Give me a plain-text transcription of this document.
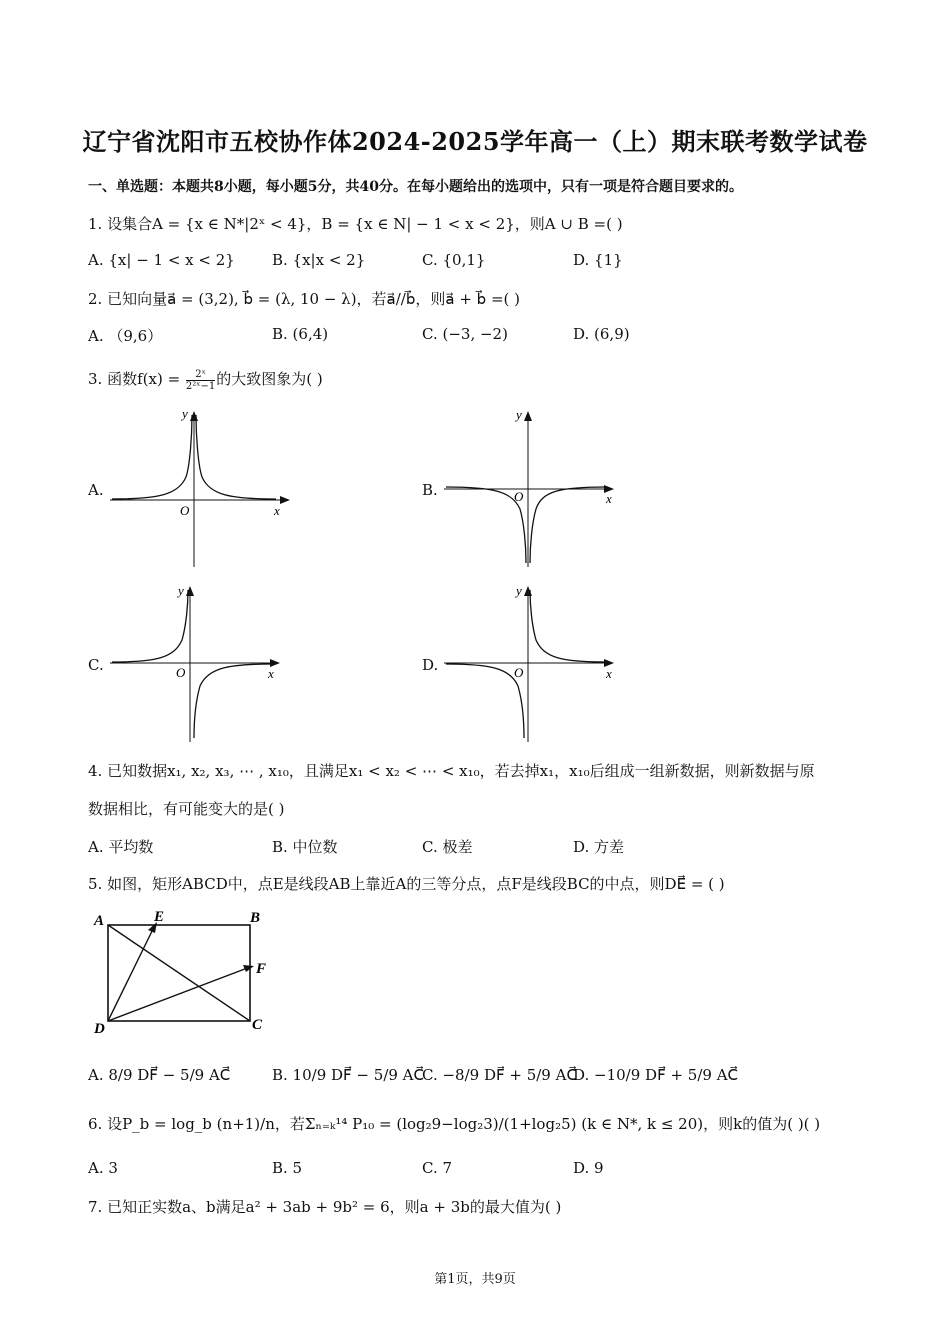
辽宁省沈阳市五校协作体2024-2025学年高一（上）期末联考数学试卷
一、单选题：本题共8小题，每小题5分，共40分。在每小题给出的选项中，只有一项是符合题目要求的。
1. 设集合A = {x ∈ N*|2ˣ < 4}，B = {x ∈ N| − 1 < x < 2}，则A ∪ B =( )
A. {x| − 1 < x < 2} B. {x|x < 2}	C. {0,1}	D. {1}
2. 已知向量a⃗ = (3,2), b⃗ = (λ, 10 − λ)，若a⃗//b⃗，则a⃗ + b⃗ =( )
A. （9,6）	B. (6,4)	C. (−3, −2)	D. (6,9)
3. 函数$f(x) = \frac{\text{2ˣ}}{\text{2²ˣ−1}}$ 的大致图象为( )
A.	B.
C.	D.
y
O	x
y
O	x
y
O	x
y
O	x
4. 已知数据x₁, x₂, x₃, ⋯ , x₁₀，且满足x₁ < x₂ < ⋯ < x₁₀，若去掉x₁，x₁₀后组成一组新数据，则新数据与原
数据相比，有可能变大的是( )
A. 平均数	B. 中位数	C. 极差	D. 方差
5. 如图，矩形ABCD中，点E是线段AB上靠近A的三等分点，点F是线段BC的中点，则DE⃗ = ( )
A	E	B
F
D	C
A. 8/9 DF⃗ − 5/9 AC⃗	B. 10/9 DF⃗ − 5/9 AC⃗
C. −8/9 DF⃗ + 5/9 AC⃗
D. −10/9 DF⃗ + 5/9 AC⃗
6. 设P_b = log_b (n+1)/n，若Σₙ₌ₖ¹⁴ P₁₀ = (log₂9−log₂3)/(1+log₂5) (k ∈ N*, k ≤ 20)，则k的值为( )( )
A. 3	B. 5	C. 7	D. 9
7. 已知正实数a、b满足a² + 3ab + 9b² = 6，则a + 3b的最大值为( )
第1页，共9页
